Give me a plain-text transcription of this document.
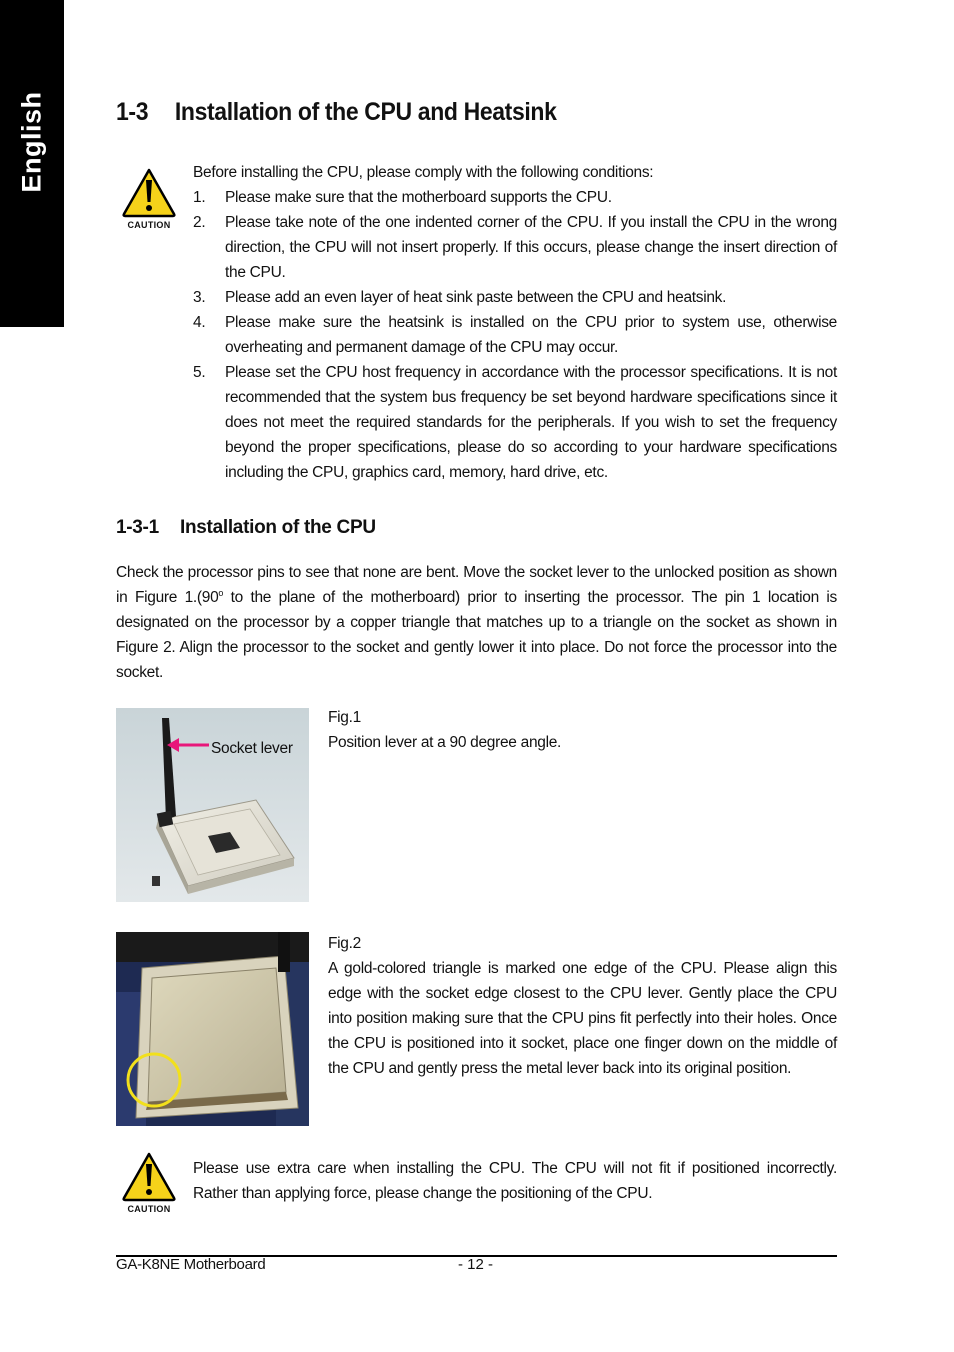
English	1-3 Installation of the CPU and Heatsink
CAUTION
Before installing the CPU, please comply with the following conditions:
1. Please make sure that the motherboard supports the CPU.
2. Please take note of the one indented corner of the CPU. If you install the CPU in the wrong direction, the CPU will not insert properly. If this occurs, please change the insert direction of the CPU.
3. Please add an even layer of heat sink paste between the CPU and heatsink.
4. Please make sure the heatsink is installed on the CPU prior to system use, otherwise overheating and permanent damage of the CPU may occur.
5. Please set the CPU host frequency in accordance with the processor specifications. It is not recommended that the system bus frequency be set beyond hardware specifications since it does not meet the required standards for the peripherals. If you wish to set the frequency beyond the proper specifications, please do so according to your hardware specifications including the CPU, graphics card, memory, hard drive, etc.
1-3-1 Installation of the CPU

Check the processor pins to see that none are bent. Move the socket lever to the unlocked position as shown in Figure 1.(90$^o$ to the plane of the motherboard) prior to inserting the processor. The pin 1 location is designated on the processor by a copper triangle that matches up to a triangle on the socket as shown in Figure 2. Align the processor to the socket and gently lower it into place. Do not force the processor into the socket.

Socket lever
Fig.1
Position lever at a 90 degree angle.
Fig.2
A gold-colored triangle is marked one edge of the CPU. Please align this edge with the socket edge closest to the CPU lever. Gently place the CPU into position making sure that the CPU pins fit perfectly into their holes. Once the CPU is positioned into it socket, place one finger down on the middle of the CPU and gently press the metal lever back into its original position.
CAUTION
Please use extra care when installing the CPU. The CPU will not fit if positioned incorrectly. Rather than applying force, please change the positioning of the CPU.
GA-K8NE Motherboard	- 12 -
